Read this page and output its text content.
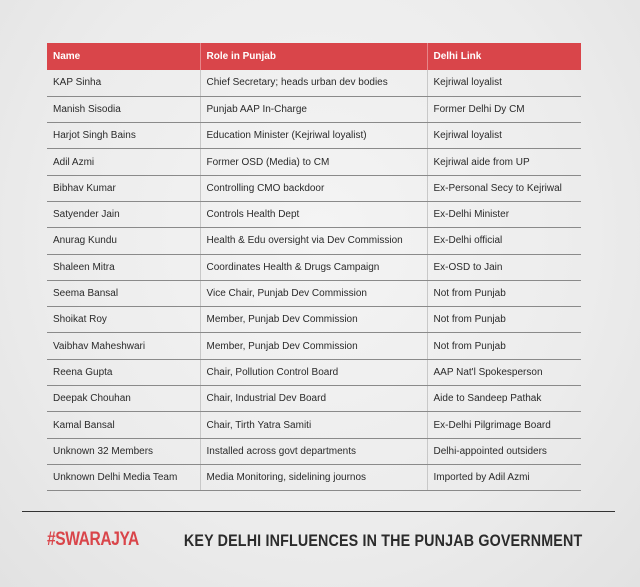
Name	Role in Punjab	Delhi Link
KAP Sinha	Chief Secretary; heads urban dev bodies	Kejriwal loyalist
Manish Sisodia	Punjab AAP In-Charge	Former Delhi Dy CM
Harjot Singh Bains	Education Minister (Kejriwal loyalist)	Kejriwal loyalist
Adil Azmi	Former OSD (Media) to CM	Kejriwal aide from UP
Bibhav Kumar	Controlling CMO backdoor	Ex-Personal Secy to Kejriwal
Satyender Jain	Controls Health Dept	Ex-Delhi Minister
Anurag Kundu	Health & Edu oversight via Dev Commission	Ex-Delhi official
Shaleen Mitra	Coordinates Health & Drugs Campaign	Ex-OSD to Jain
Seema Bansal	Vice Chair, Punjab Dev Commission	Not from Punjab
Shoikat Roy	Member, Punjab Dev Commission	Not from Punjab
Vaibhav Maheshwari	Member, Punjab Dev Commission	Not from Punjab
Reena Gupta	Chair, Pollution Control Board	AAP Nat'l Spokesperson
Deepak Chouhan	Chair, Industrial Dev Board	Aide to Sandeep Pathak
Kamal Bansal	Chair, Tirth Yatra Samiti	Ex-Delhi Pilgrimage Board
Unknown 32 Members	Installed across govt departments	Delhi-appointed outsiders
Unknown Delhi Media Team	Media Monitoring, sidelining journos	Imported by Adil Azmi
#SWARAJYA	KEY DELHI INFLUENCES IN THE PUNJAB GOVERNMENT
